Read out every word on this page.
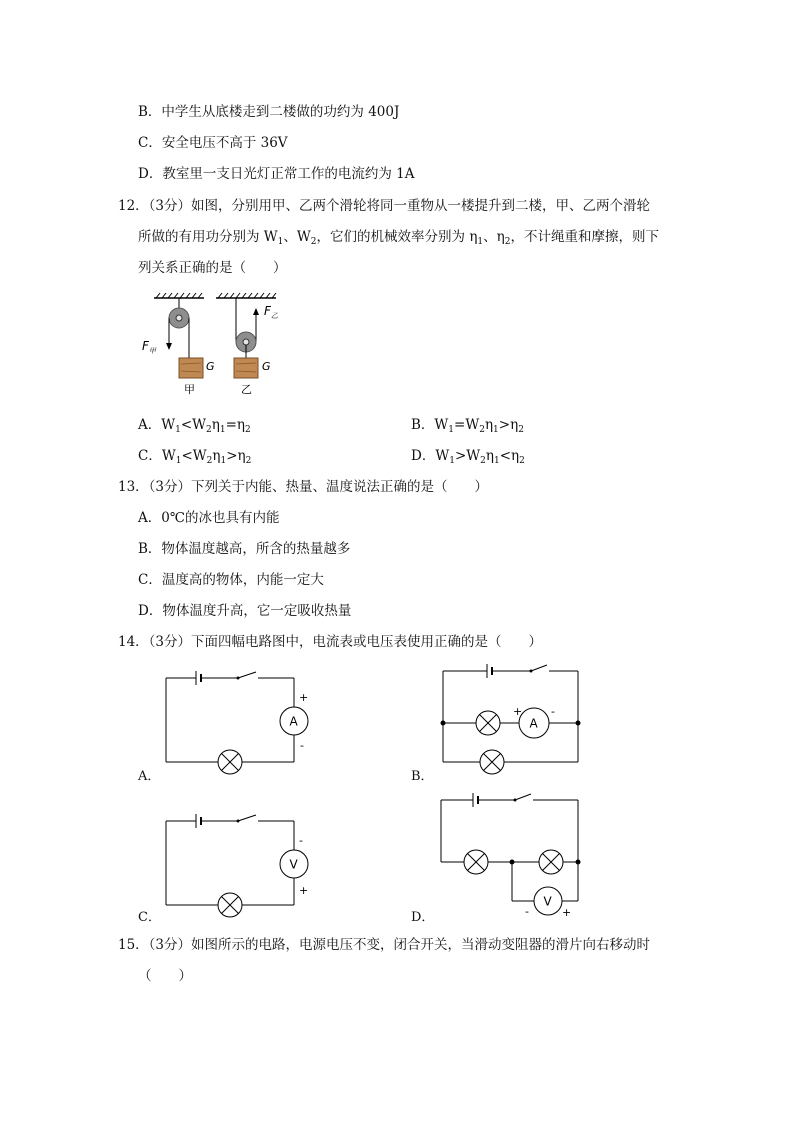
B．中学生从底楼走到二楼做的功约为 400J
C．安全电压不高于 36V
D．教室里一支日光灯正常工作的电流约为 1A
12．（3分）如图，分别用甲、乙两个滑轮将同一重物从一楼提升到二楼，甲、乙两个滑轮
所做的有用功分别为 $W_1$、$W_2$，它们的机械效率分别为 $\eta_1$、$\eta_2$，不计绳重和摩擦，则下
列关系正确的是（　　）
$F_甲$
G
甲
$F_乙$
G
乙
A．$W_1<W_2\eta_1=\eta_2$	B．$W_1=W_2\eta_1>\eta_2$
C．$W_1<W_2\eta_1>\eta_2$	D．$W_1>W_2\eta_1<\eta_2$
13．（3分）下列关于内能、热量、温度说法正确的是（　　）
A．0℃的冰也具有内能
B．物体温度越高，所含的热量越多
C．温度高的物体，内能一定大
D．物体温度升高，它一定吸收热量
14．（3分）下面四幅电路图中，电流表或电压表使用正确的是（　　）
A
+
-
A．
A
+	-
B．
V
-
+
C．
V
-	+
D．
15．（3分）如图所示的电路，电源电压不变，闭合开关，当滑动变阻器的滑片向右移动时
（　　）
